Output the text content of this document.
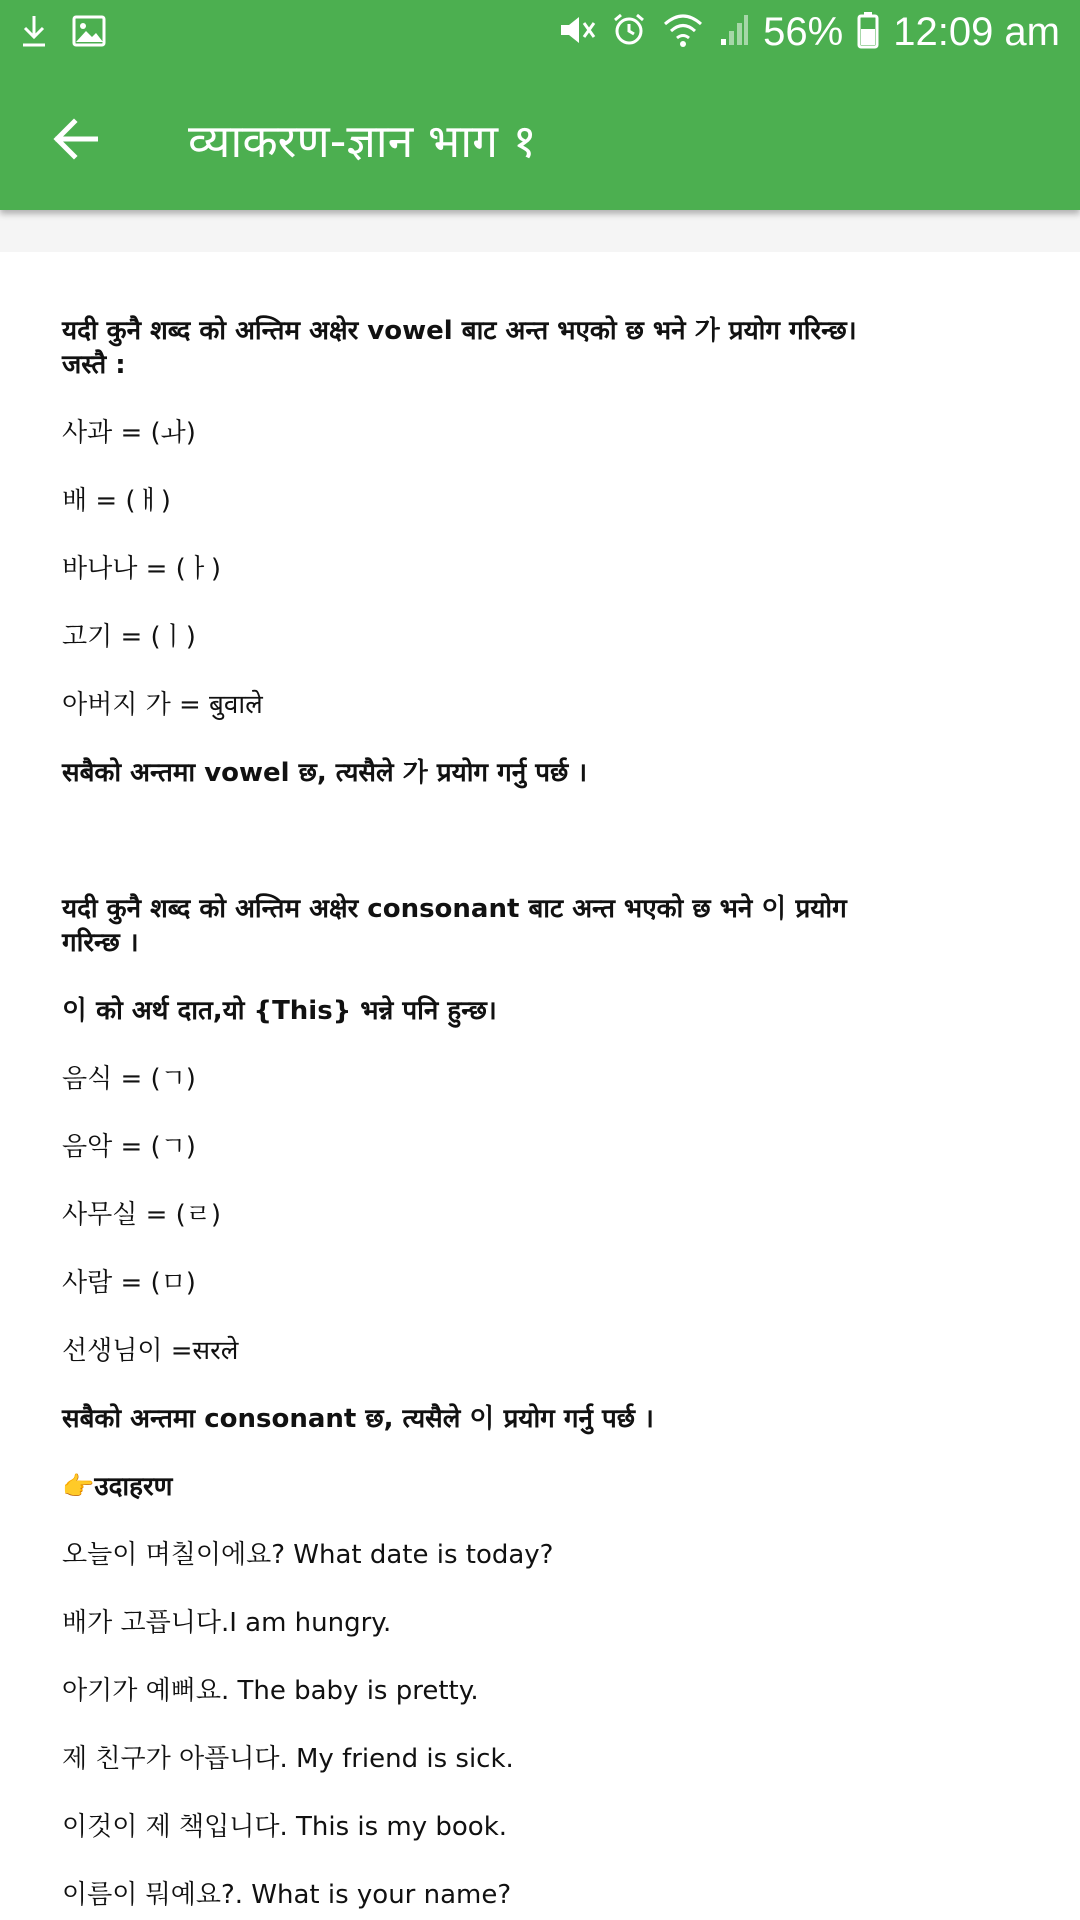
56% 12:09 am
व्याकरण-ज्ञान भाग १
यदी कुनै शब्द को अन्तिम अक्षेर vowel बाट अन्त भएको छ भने 가 प्रयोग गरिन्छ।
जस्तै :
사과 = (ㅘ)
배 = (ㅐ)
바나나 = (ㅏ)
고기 = (ㅣ)
아버지 가 = बुवाले
सबैको अन्तमा vowel छ, त्यसैले 가 प्रयोग गर्नु पर्छ ।
यदी कुनै शब्द को अन्तिम अक्षेर consonant बाट अन्त भएको छ भने 이 प्रयोग
गरिन्छ ।
이 को अर्थ दात,यो {This} भन्ने पनि हुन्छ।
음식 = (ㄱ)
음악 = (ㄱ)
사무실 = (ㄹ)
사람 = (ㅁ)
선생님이 =सरले
सबैको अन्तमा consonant छ, त्यसैले 이 प्रयोग गर्नु पर्छ ।
👉उदाहरण
오늘이 며칠이에요? What date is today?
배가 고픕니다.I am hungry.
아기가 예뻐요. The baby is pretty.
제 친구가 아픕니다. My friend is sick.
이것이 제 책입니다. This is my book.
이름이 뭐예요?. What is your name?
